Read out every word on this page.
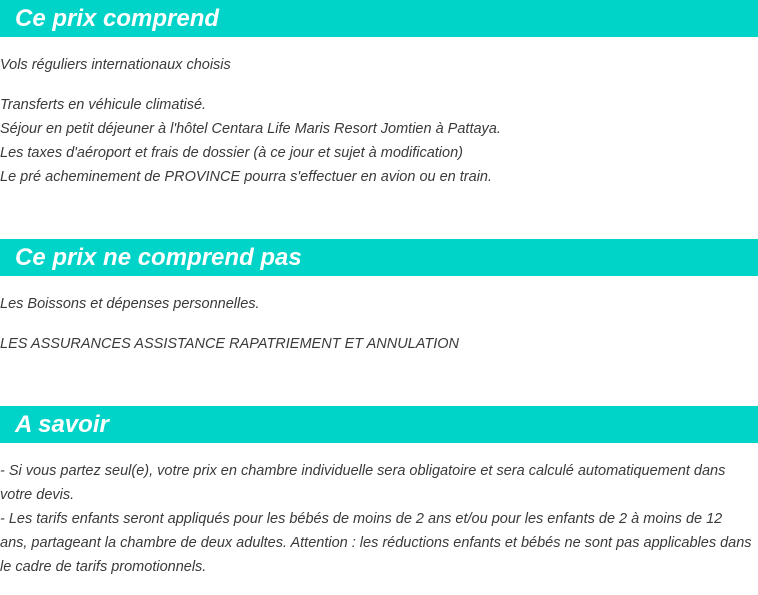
Ce prix comprend
Vols réguliers internationaux choisis
Transferts en véhicule climatisé.
Séjour en petit déjeuner à l'hôtel Centara Life Maris Resort Jomtien à Pattaya.
Les taxes d'aéroport et frais de dossier (à ce jour et sujet à modification)
Le pré acheminement de PROVINCE pourra s'effectuer en avion ou en train.
Ce prix ne comprend pas
Les Boissons et dépenses personnelles.
LES ASSURANCES ASSISTANCE RAPATRIEMENT ET ANNULATION
A savoir

- Si vous partez seul(e), votre prix en chambre individuelle sera obligatoire et sera calculé automatiquement dans votre devis.

- Les tarifs enfants seront appliqués pour les bébés de moins de 2 ans et/ou pour les enfants de 2 à moins de 12 ans, partageant la chambre de deux adultes. Attention : les réductions enfants et bébés ne sont pas applicables dans le cadre de tarifs promotionnels.
